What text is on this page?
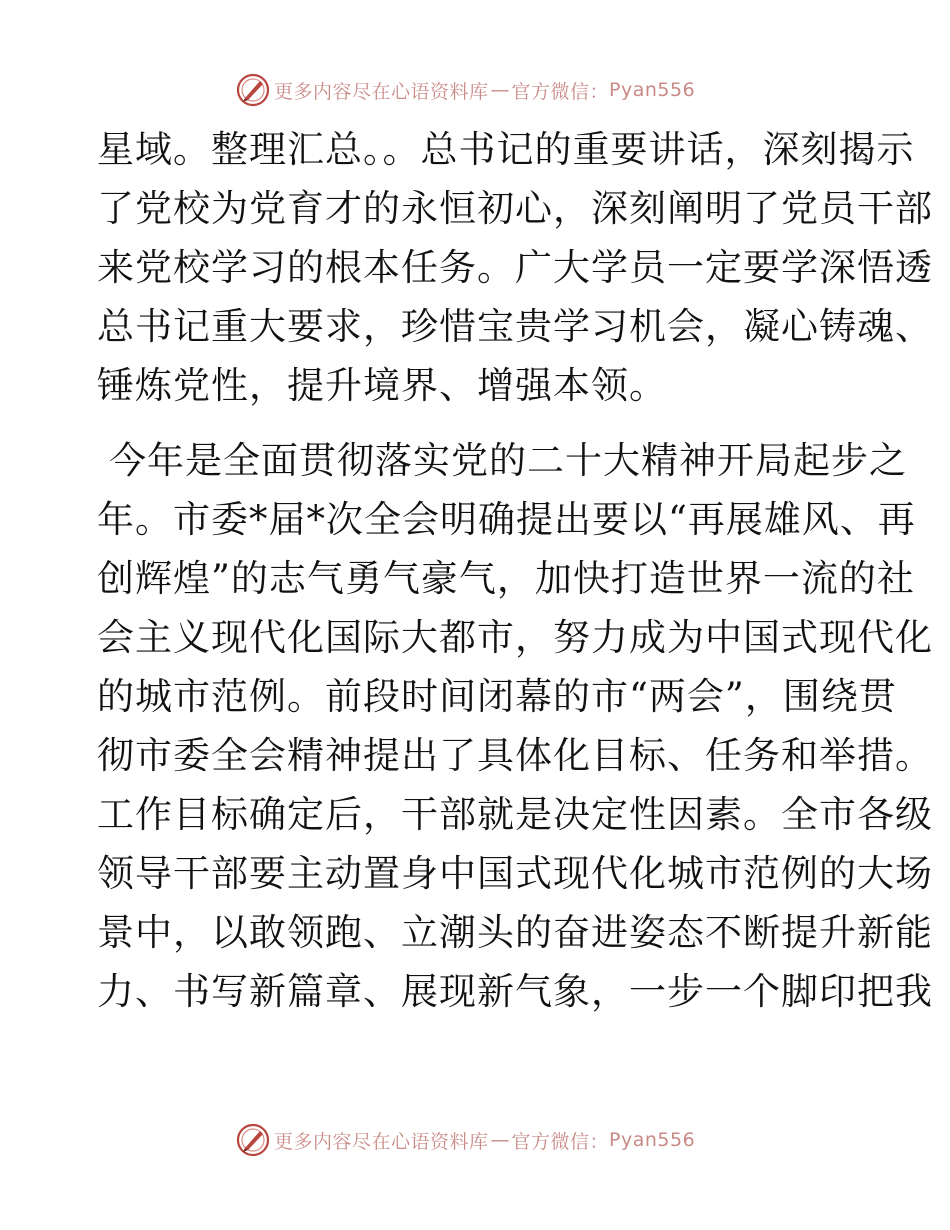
更多内容尽在心语资料库 — 官方微信： Pyan556

星域。整理汇总。。总书记的重要讲话，深刻揭示
了党校为党育才的永恒初心，深刻阐明了党员干部
来党校学习的根本任务。广大学员一定要学深悟透
总书记重大要求，珍惜宝贵学习机会，凝心铸魂、
锤炼党性，提升境界、增强本领。

今年是全面贯彻落实党的二十大精神开局起步之
年。市委*届*次全会明确提出要以“再展雄风、再
创辉煌”的志气勇气豪气，加快打造世界一流的社
会主义现代化国际大都市，努力成为中国式现代化
的城市范例。前段时间闭幕的市“两会”，围绕贯
彻市委全会精神提出了具体化目标、任务和举措。
工作目标确定后，干部就是决定性因素。全市各级
领导干部要主动置身中国式现代化城市范例的大场
景中，以敢领跑、立潮头的奋进姿态不断提升新能
力、书写新篇章、展现新气象，一步一个脚印把我

更多内容尽在心语资料库 — 官方微信： Pyan556
